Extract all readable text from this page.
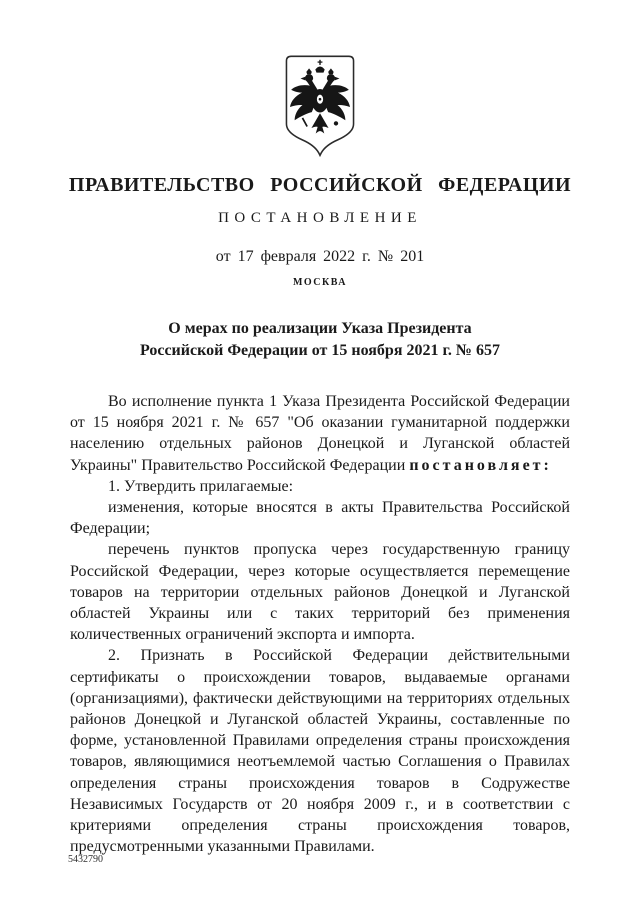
ПРАВИТЕЛЬСТВО РОССИЙСКОЙ ФЕДЕРАЦИИ
ПОСТАНОВЛЕНИЕ
от 17 февраля 2022 г. № 201
МОСКВА
О мерах по реализации Указа Президента
Российской Федерации от 15 ноября 2021 г. № 657

Во исполнение пункта 1 Указа Президента Российской Федерации от 15 ноября 2021 г. № 657 "Об оказании гуманитарной поддержки населению отдельных районов Донецкой и Луганской областей Украины" Правительство Российской Федерации постановляет:

1. Утвердить прилагаемые:

изменения, которые вносятся в акты Правительства Российской Федерации;

перечень пунктов пропуска через государственную границу Российской Федерации, через которые осуществляется перемещение товаров на территории отдельных районов Донецкой и Луганской областей Украины или с таких территорий без применения количественных ограничений экспорта и импорта.

2. Признать в Российской Федерации действительными сертификаты о происхождении товаров, выдаваемые органами (организациями), фактически действующими на территориях отдельных районов Донецкой и Луганской областей Украины, составленные по форме, установленной Правилами определения страны происхождения товаров, являющимися неотъемлемой частью Соглашения о Правилах определения страны происхождения товаров в Содружестве Независимых Государств от 20 ноября 2009 г., и в соответствии с критериями определения страны происхождения товаров, предусмотренными указанными Правилами.

5432790
